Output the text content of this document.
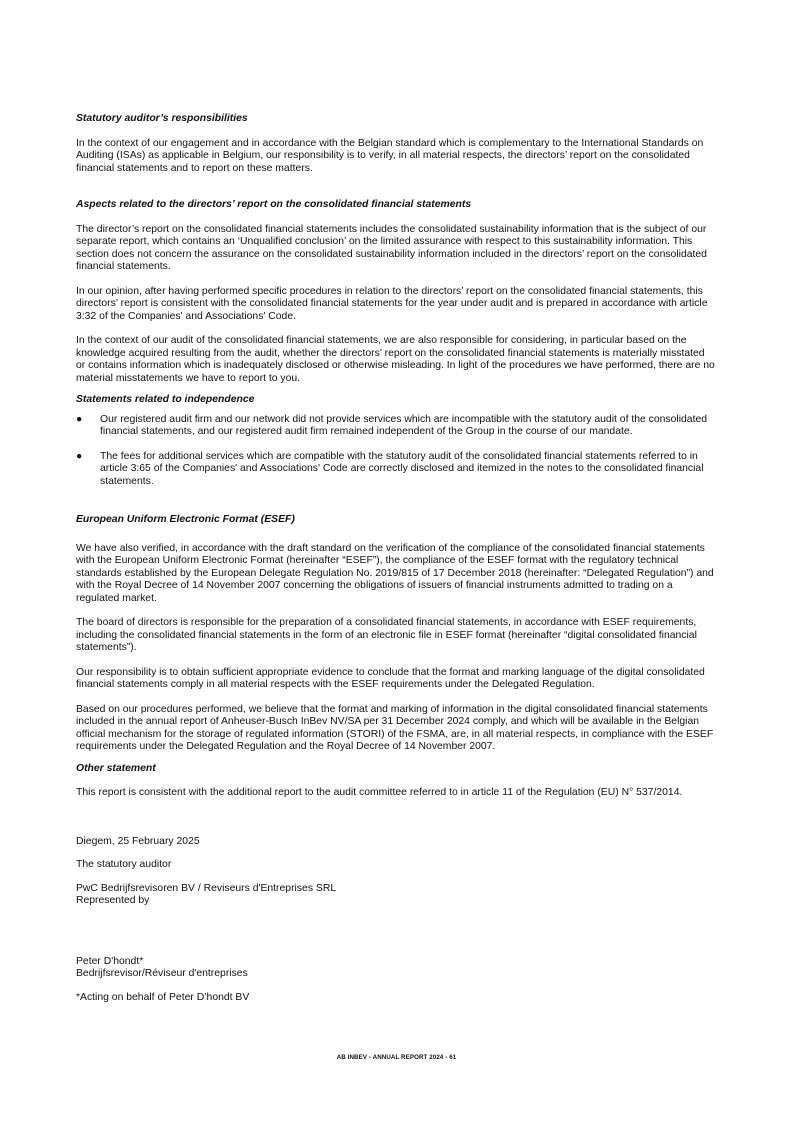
Statutory auditor’s responsibilities

In the context of our engagement and in accordance with the Belgian standard which is complementary to the International Standards on Auditing (ISAs) as applicable in Belgium, our responsibility is to verify, in all material respects, the directors’ report on the consolidated financial statements and to report on these matters.

Aspects related to the directors’ report on the consolidated financial statements

The director’s report on the consolidated financial statements includes the consolidated sustainability information that is the subject of our separate report, which contains an ‘Unqualified conclusion’ on the limited assurance with respect to this sustainability information. This section does not concern the assurance on the consolidated sustainability information included in the directors’ report on the consolidated financial statements.

In our opinion, after having performed specific procedures in relation to the directors’ report on the consolidated financial statements, this directors’ report is consistent with the consolidated financial statements for the year under audit and is prepared in accordance with article 3:32 of the Companies' and Associations' Code.

In the context of our audit of the consolidated financial statements, we are also responsible for considering, in particular based on the knowledge acquired resulting from the audit, whether the directors’ report on the consolidated financial statements is materially misstated or contains information which is inadequately disclosed or otherwise misleading. In light of the procedures we have performed, there are no material misstatements we have to report to you.

Statements related to independence

●	Our registered audit firm and our network did not provide services which are incompatible with the statutory audit of the consolidated financial statements, and our registered audit firm remained independent of the Group in the course of our mandate.
●	The fees for additional services which are compatible with the statutory audit of the consolidated financial statements referred to in article 3:65 of the Companies' and Associations' Code are correctly disclosed and itemized in the notes to the consolidated financial statements.

European Uniform Electronic Format (ESEF)

We have also verified, in accordance with the draft standard on the verification of the compliance of the consolidated financial statements with the European Uniform Electronic Format (hereinafter “ESEF”), the compliance of the ESEF format with the regulatory technical standards established by the European Delegate Regulation No. 2019/815 of 17 December 2018 (hereinafter: “Delegated Regulation”) and with the Royal Decree of 14 November 2007 concerning the obligations of issuers of financial instruments admitted to trading on a regulated market.

The board of directors is responsible for the preparation of a consolidated financial statements, in accordance with ESEF requirements, including the consolidated financial statements in the form of an electronic file in ESEF format (hereinafter “digital consolidated financial statements”).

Our responsibility is to obtain sufficient appropriate evidence to conclude that the format and marking language of the digital consolidated financial statements comply in all material respects with the ESEF requirements under the Delegated Regulation.

Based on our procedures performed, we believe that the format and marking of information in the digital consolidated financial statements included in the annual report of Anheuser-Busch InBev NV/SA per 31 December 2024 comply, and which will be available in the Belgian official mechanism for the storage of regulated information (STORI) of the FSMA, are, in all material respects, in compliance with the ESEF requirements under the Delegated Regulation and the Royal Decree of 14 November 2007.

Other statement

This report is consistent with the additional report to the audit committee referred to in article 11 of the Regulation (EU) N° 537/2014.

Diegem, 25 February 2025

The statutory auditor

PwC Bedrijfsrevisoren BV / Reviseurs d'Entreprises SRL

Represented by

Peter D'hondt*

Bedrijfsrevisor/Réviseur d'entreprises

*Acting on behalf of Peter D’hondt BV

AB INBEV - ANNUAL REPORT 2024 - 61
